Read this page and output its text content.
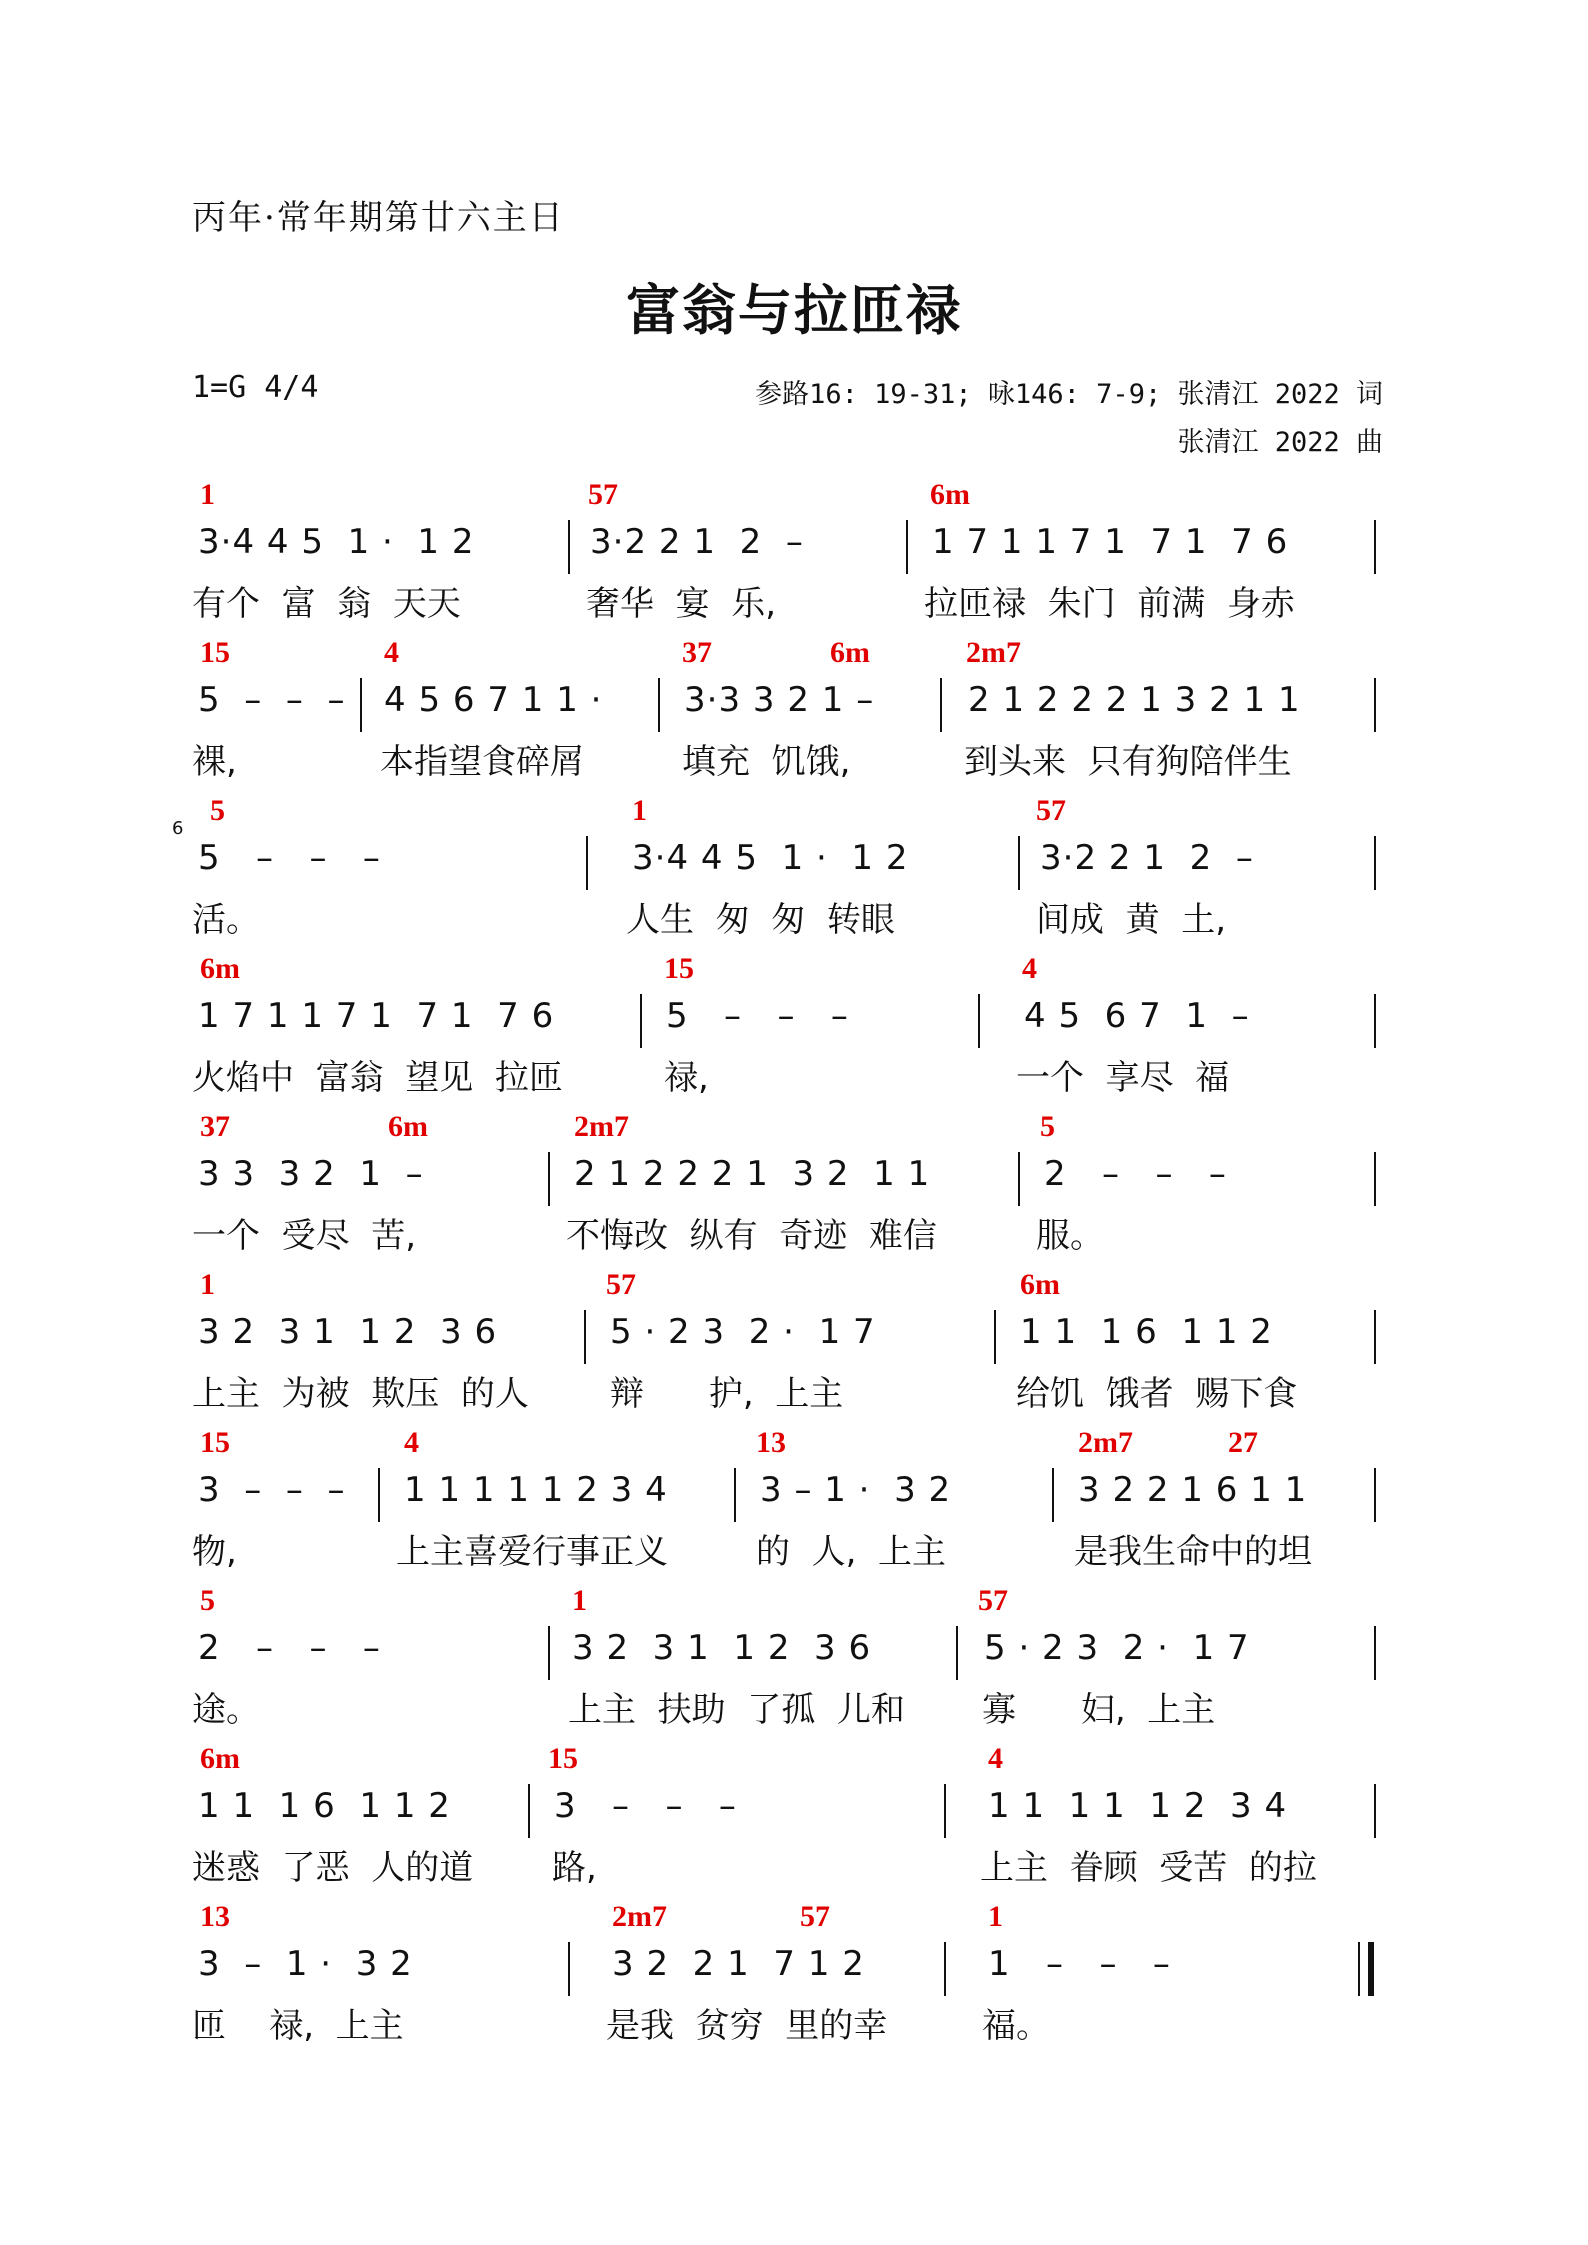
丙年·常年期第廿六主日
富翁与拉匝禄
1=G 4/4	参路16: 19-31; 咏146: 7-9; 张清江 2022 词
张清江 2022 曲
1	57	6m
3·4 4 5  1 ·  1 2	3·2 2 1  2  –	1 7 1 1 7 1  7 1  7 6
有个  富  翁  天天	奢华  宴  乐,	拉匝禄  朱门  前满  身赤
15	4	37	6m	2m7
5  –  –  – 4 5 6 7 1 1 · 3·3 3 2 1 –	2 1 2 2 2 1 3 2 1 1
裸,	本指望食碎屑	填充  饥饿,	到头来  只有狗陪伴生
5	1	57
6
5   –   –   –	3·4 4 5  1 ·  1 2	3·2 2 1  2  –
活。	人生  匆  匆  转眼	间成  黄  土,
6m	15	4
1 7 1 1 7 1  7 1  7 6	5   –   –   –	4 5  6 7  1  –
火焰中  富翁  望见  拉匝	禄,	一个  享尽  福
37	6m	2m7	5
3 3  3 2  1  –	2 1 2 2 2 1  3 2  1 1	2   –   –   –
一个  受尽  苦,	不悔改  纵有  奇迹  难信	服。
1	57	6m
3 2  3 1  1 2  3 6	5 · 2 3  2 ·  1 7	1 1  1 6  1 1 2
上主  为被  欺压  的人 辩      护,  上主	给饥  饿者  赐下食
15	4	13	2m7	27
3  –  –  – 1 1 1 1 1 2 3 4	3 – 1 ·  3 2	3 2 2 1 6 1 1
物,	上主喜爱行事正义	的  人,  上主	是我生命中的坦
5	1	57
2   –   –   –	3 2  3 1  1 2  3 6	5 · 2 3  2 ·  1 7
途。	上主  扶助  了孤  儿和 寡      妇,  上主
6m	15	4
1 1  1 6  1 1 2	3   –   –   –	1 1  1 1  1 2  3 4
迷惑  了恶  人的道 路,	上主  眷顾  受苦  的拉
13	2m7	57	1
3  –  1 ·  3 2	3 2  2 1  7 1 2	1   –   –   –
匝    禄,  上主	是我  贫穷  里的幸	福。
